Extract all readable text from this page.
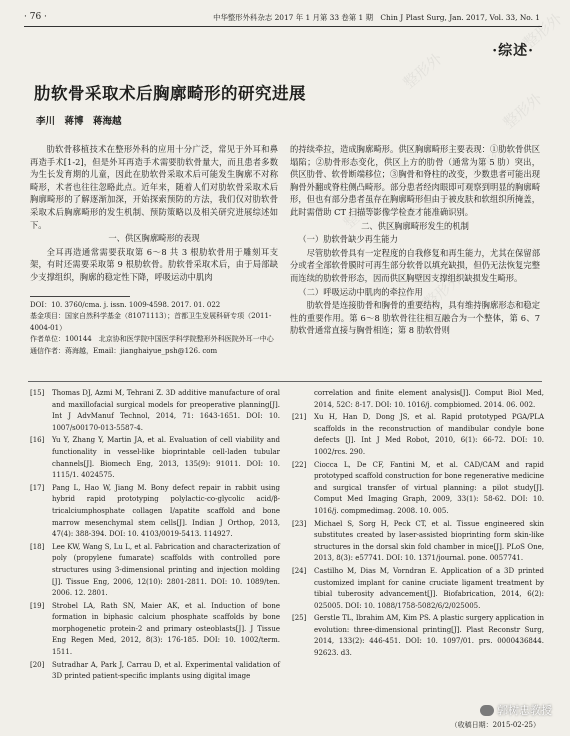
整形外
整形外
整形外
整形外
整形外
整形外
· 76 ·	中华整形外科杂志 2017 年 1 月第 33 卷第 1 期　Chin J Plast Surg, Jan. 2017, Vol. 33, No. 1
·综述·
肋软骨采取术后胸廓畸形的研究进展
李川　蒋博　蒋海越

肋软骨移植技术在整形外科的应用十分广泛，常见于外耳和鼻再造手术[1-2]，但是外耳再造手术需要肋软骨量大，而且患者多数为生长发育期的儿童，因此在肋软骨采取术后可能发生胸廓不对称畸形，术者也往往忽略此点。近年来，随着人们对肋软骨采取术后胸廓畸形的了解逐渐加深，开始探索预防的方法，我们仅对肋软骨采取术后胸廓畸形的发生机制、预防策略以及相关研究进展综述如下。

一、供区胸廓畸形的表现

全耳再造通常需要获取第 6～8 共 3 根肋软骨用于雕刻耳支架，有时还需要采取第 9 根肋软骨。肋软骨采取术后，由于局部缺少支撑组织，胸廓的稳定性下降，呼吸运动中肌肉

的持续牵拉，造成胸廓畸形。供区胸廓畸形主要表现：①肋软骨供区塌陷；②肋骨形态变化，供区上方的肋骨（通常为第 5 肋）突出，供区肋骨、软骨断端移位；③胸骨和脊柱的改变，少数患者可能出现胸骨外翻或脊柱侧凸畸形。部分患者经肉眼即可观察到明显的胸廓畸形，但也有部分患者虽存在胸廓畸形但由于被皮肤和软组织所掩盖，此时需借助 CT 扫描等影像学检查才能准确识别。

二、供区胸廓畸形发生的机制
（一）肋软骨缺少再生能力

尽管肋软骨具有一定程度的自我修复和再生能力，尤其在保留部分或者全部软骨膜时可再生部分软骨以填充缺损，但仍无法恢复完整而连续的肋软骨形态，因而供区胸壁因支撑组织缺损发生畸形。

（二）呼吸运动中肌肉的牵拉作用

肋软骨是连接肋骨和胸骨的重要结构，具有维持胸廓形态和稳定性的重要作用。第 6～8 肋软骨往往相互融合为一个整体，第 6、7 肋软骨通常直接与胸骨相连；第 8 肋软骨则

DOI：10. 3760/cma. j. issn. 1009-4598. 2017. 01. 022
基金项目：国家自然科学基金（81071113）；首都卫生发展科研专项（2011-4004-01）
作者单位：100144　北京协和医学院中国医学科学院整形外科医院外耳一中心
通信作者：蒋海越，Email：jianghaiyue_psh@126. com
[15]	Thomas DJ, Azmi M, Tehrani Z. 3D additive manufacture of oral and maxillofacial surgical models for preoperative planning[J]. Int J AdvManuf Technol, 2014, 71: 1643-1651. DOI: 10. 1007/s00170-013-5587-4.
[16]	Yu Y, Zhang Y, Martin JA, et al. Evaluation of cell viability and functionality in vessel-like bioprintable cell-laden tubular channels[J]. Biomech Eng, 2013, 135(9): 91011. DOI: 10. 1115/1. 4024575.
[17]	Pang L, Hao W, Jiang M. Bony defect repair in rabbit using hybrid rapid prototyping polylactic-co-glycolic acid/β-tricalciumphosphate collagen I/apatite scaffold and bone marrow mesenchymal stem cells[J]. Indian J Orthop, 2013, 47(4): 388-394. DOI: 10. 4103/0019-5413. 114927.
[18]	Lee KW, Wang S, Lu L, et al. Fabrication and characterization of poly (propylene fumarate) scaffolds with controlled pore structures using 3-dimensional printing and injection molding [J]. Tissue Eng, 2006, 12(10): 2801-2811. DOI: 10. 1089/ten. 2006. 12. 2801.
[19]	Strobel LA, Rath SN, Maier AK, et al. Induction of bone formation in biphasic calcium phosphate scaffolds by bone morphogenetic protein-2 and primary osteoblasts[J]. J Tissue Eng Regen Med, 2012, 8(3): 176-185. DOI: 10. 1002/term. 1511.
[20]	Sutradhar A, Park J, Carrau D, et al. Experimental validation of 3D printed patient-specific implants using digital image
correlation and finite element analysis[J]. Comput Biol Med, 2014, 52C: 8-17. DOI: 10. 1016/j. compbiomed. 2014. 06. 002.
[21]	Xu H, Han D, Dong JS, et al. Rapid prototyped PGA/PLA scaffolds in the reconstruction of mandibular condyle bone defects [J]. Int J Med Robot, 2010, 6(1): 66-72. DOI: 10. 1002/rcs. 290.
[22]	Ciocca L, De CF, Fantini M, et al. CAD/CAM and rapid prototyped scaffold construction for bone regenerative medicine and surgical transfer of virtual planning: a pilot study[J]. Comput Med Imaging Graph, 2009, 33(1): 58-62. DOI: 10. 1016/j. compmedimag. 2008. 10. 005.
[23]	Michael S, Sorg H, Peck CT, et al. Tissue engineered skin substitutes created by laser-assisted bioprinting form skin-like structures in the dorsal skin fold chamber in mice[J]. PLoS One, 2013, 8(3): e57741. DOI: 10. 1371/journal. pone. 0057741.
[24]	Castilho M, Dias M, Vorndran E. Application of a 3D printed customized implant for canine cruciate ligament treatment by tibial tuberosity advancement[J]. Biofabrication, 2014, 6(2): 025005. DOI: 10. 1088/1758-5082/6/2/025005.
[25]	Gerstle TL, Ibrahim AM, Kim PS. A plastic surgery application in evolution: three-dimensional printing[J]. Plast Reconstr Surg, 2014, 133(2): 446-451. DOI: 10. 1097/01. prs. 0000436844. 92623. d3.
（收稿日期：2015-02-25）
郭树忠教授
